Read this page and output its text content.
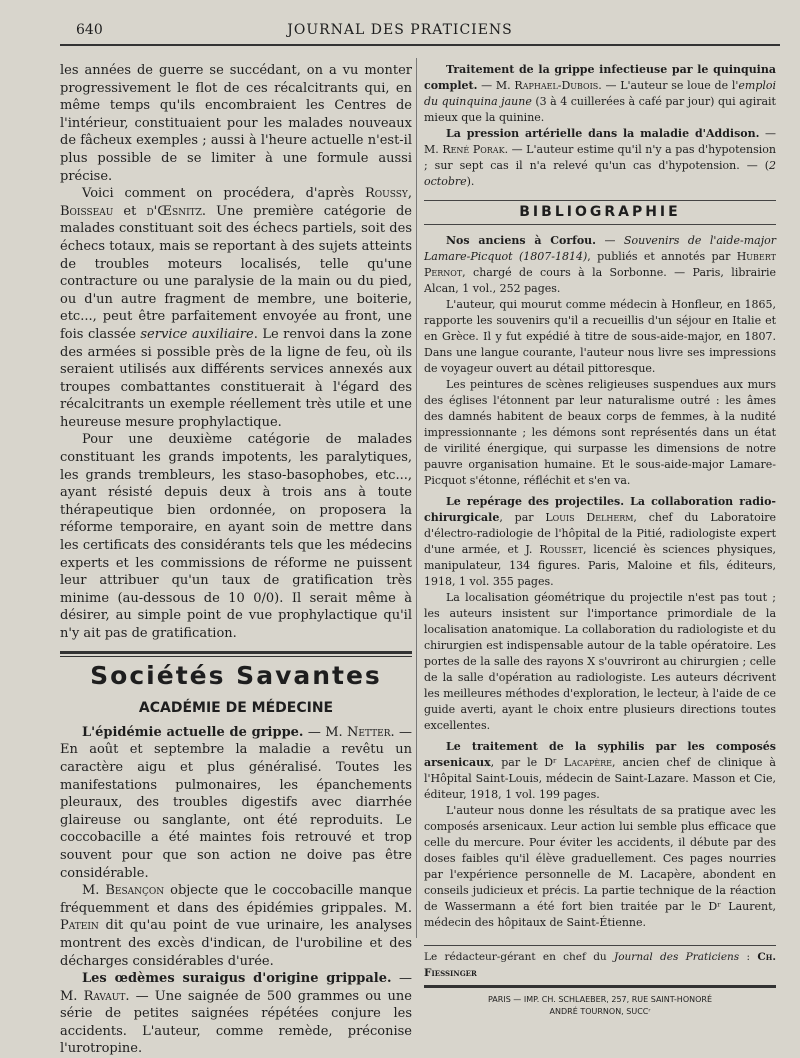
640	JOURNAL DES PRATICIENS

les années de guerre se succédant, on a vu monter progressivement le flot de ces récalcitrants qui, en même temps qu'ils encombraient les Centres de l'intérieur, constituaient pour les malades nouveaux de fâcheux exemples ; aussi à l'heure actuelle n'est-il plus possible de se limiter à une formule aussi précise.

Voici comment on procédera, d'après Roussy, Boisseau et d'Œsnitz. Une première catégorie de malades constituant soit des échecs partiels, soit des échecs totaux, mais se reportant à des sujets atteints de troubles moteurs localisés, telle qu'une contracture ou une paralysie de la main ou du pied, ou d'un autre fragment de membre, une boiterie, etc..., peut être parfaitement envoyée au front, une fois classée service auxiliaire. Le renvoi dans la zone des armées si possible près de la ligne de feu, où ils seraient utilisés aux différents services annexés aux troupes combattantes constituerait à l'égard des récalcitrants un exemple réellement très utile et une heureuse mesure prophylactique.

Pour une deuxième catégorie de malades constituant les grands impotents, les paralytiques, les grands trembleurs, les staso-basophobes, etc..., ayant résisté depuis deux à trois ans à toute thérapeutique bien ordonnée, on proposera la réforme temporaire, en ayant soin de mettre dans les certificats des considérants tels que les médecins experts et les commissions de réforme ne puissent leur attribuer qu'un taux de gratification très minime (au-dessous de 10 0/0). Il serait même à désirer, au simple point de vue prophylactique qu'il n'y ait pas de gratification.

Sociétés Savantes
ACADÉMIE DE MÉDECINE

L'épidémie actuelle de grippe. — M. Netter. — En août et septembre la maladie a revêtu un caractère aigu et plus généralisé. Toutes les manifestations pulmonaires, les épanchements pleuraux, des troubles digestifs avec diarrhée glaireuse ou sanglante, ont été reproduits. Le coccobacille a été maintes fois retrouvé et trop souvent pour que son action ne doive pas être considérable.

M. Besançon objecte que le coccobacille manque fréquemment et dans des épidémies grippales. M. Patein dit qu'au point de vue urinaire, les analyses montrent des excès d'indican, de l'urobiline et des décharges considérables d'urée.

Les œdèmes suraigus d'origine grippale. — M. Ravaut. — Une saignée de 500 grammes ou une série de petites saignées répétées conjure les accidents. L'auteur, comme remède, préconise l'urotropine.

Traitement de la grippe infectieuse par le quinquina complet. — M. Raphael-Dubois. — L'auteur se loue de l'emploi du quinquina jaune (3 à 4 cuillerées à café par jour) qui agirait mieux que la quinine.

La pression artérielle dans la maladie d'Addison. — M. René Porak. — L'auteur estime qu'il n'y a pas d'hypotension ; sur sept cas il n'a relevé qu'un cas d'hypotension. — (2 octobre).

BIBLIOGRAPHIE

Nos anciens à Corfou. — Souvenirs de l'aide-major Lamare-Picquot (1807-1814), publiés et annotés par Hubert Pernot, chargé de cours à la Sorbonne. — Paris, librairie Alcan, 1 vol., 252 pages.

L'auteur, qui mourut comme médecin à Honfleur, en 1865, rapporte les souvenirs qu'il a recueillis d'un séjour en Italie et en Grèce. Il y fut expédié à titre de sous-aide-major, en 1807. Dans une langue courante, l'auteur nous livre ses impressions de voyageur ouvert au détail pittoresque.

Les peintures de scènes religieuses suspendues aux murs des églises l'étonnent par leur naturalisme outré : les âmes des damnés habitent de beaux corps de femmes, à la nudité impressionnante ; les démons sont représentés dans un état de virilité énergique, qui surpasse les dimensions de notre pauvre organisation humaine. Et le sous-aide-major Lamare-Picquot s'étonne, réfléchit et s'en va.

Le repérage des projectiles. La collaboration radio-chirurgicale, par Louis Delherm, chef du Laboratoire d'électro-radiologie de l'hôpital de la Pitié, radiologiste expert d'une armée, et J. Rousset, licencié ès sciences physiques, manipulateur, 134 figures. Paris, Maloine et fils, éditeurs, 1918, 1 vol. 355 pages.

La localisation géométrique du projectile n'est pas tout ; les auteurs insistent sur l'importance primordiale de la localisation anatomique. La collaboration du radiologiste et du chirurgien est indispensable autour de la table opératoire. Les portes de la salle des rayons X s'ouvriront au chirurgien ; celle de la salle d'opération au radiologiste. Les auteurs décrivent les meilleures méthodes d'exploration, le lecteur, à l'aide de ce guide averti, ayant le choix entre plusieurs directions toutes excellentes.

Le traitement de la syphilis par les composés arsenicaux, par le Dʳ Lacapère, ancien chef de clinique à l'Hôpital Saint-Louis, médecin de Saint-Lazare. Masson et Cie, éditeur, 1918, 1 vol. 199 pages.

L'auteur nous donne les résultats de sa pratique avec les composés arsenicaux. Leur action lui semble plus efficace que celle du mercure. Pour éviter les accidents, il débute par des doses faibles qu'il élève graduellement. Ces pages nourries par l'expérience personnelle de M. Lacapère, abondent en conseils judicieux et précis. La partie technique de la réaction de Wassermann a été fort bien traitée par le Dʳ Laurent, médecin des hôpitaux de Saint-Étienne.

Le rédacteur-gérant en chef du Journal des Praticiens : Ch. Fiessinger
PARIS — IMP. CH. SCHLAEBER, 257, RUE SAINT-HONORÉ
ANDRÉ TOURNON, SUCCʳ
